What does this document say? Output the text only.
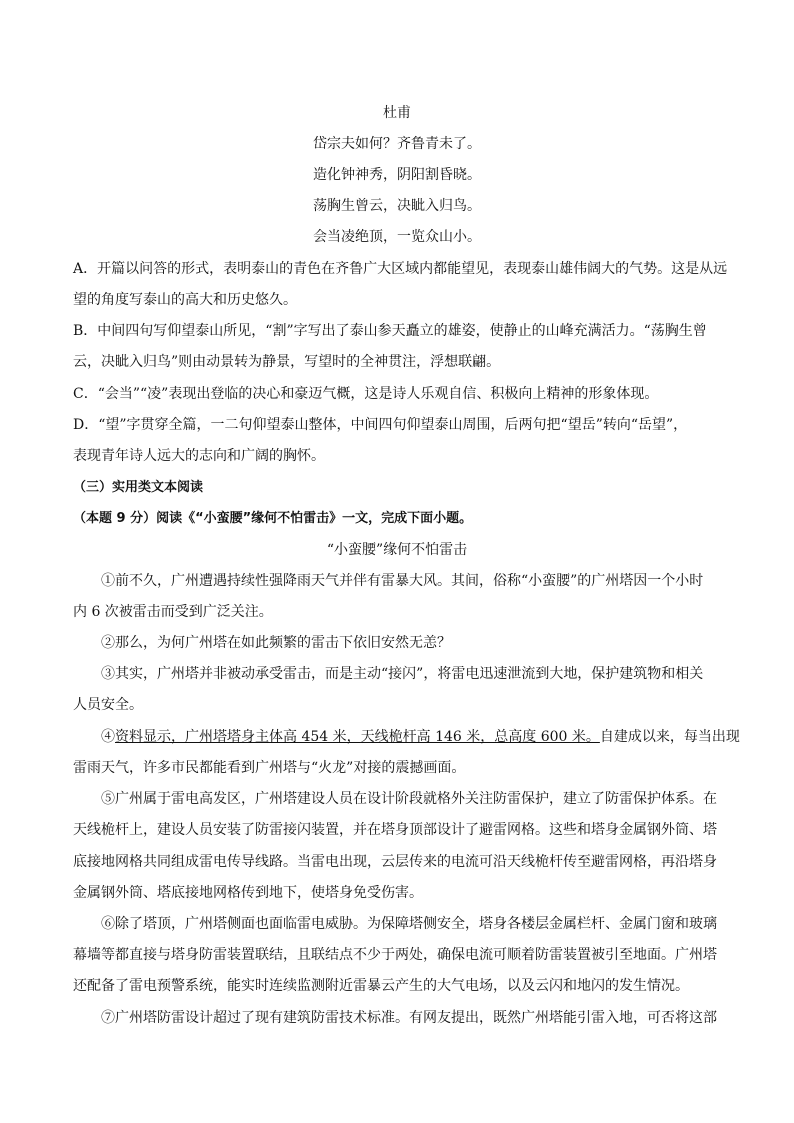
杜甫
岱宗夫如何？齐鲁青未了。
造化钟神秀，阴阳割昏晓。
荡胸生曾云，决眦入归鸟。
会当凌绝顶，一览众山小。
A．开篇以问答的形式，表明泰山的青色在齐鲁广大区域内都能望见，表现泰山雄伟阔大的气势。这是从远
望的角度写泰山的高大和历史悠久。
B．中间四句写仰望泰山所见，“割”字写出了泰山参天矗立的雄姿，使静止的山峰充满活力。“荡胸生曾
云，决眦入归鸟”则由动景转为静景，写望时的全神贯注，浮想联翩。
C．“会当”“凌”表现出登临的决心和豪迈气概，这是诗人乐观自信、积极向上精神的形象体现。
D．“望”字贯穿全篇，一二句仰望泰山整体，中间四句仰望泰山周围，后两句把“望岳”转向“岳望”，
表现青年诗人远大的志向和广阔的胸怀。
（三）实用类文本阅读
（本题 9 分）阅读《“小蛮腰”缘何不怕雷击》一文，完成下面小题。
“小蛮腰”缘何不怕雷击
①前不久，广州遭遇持续性强降雨天气并伴有雷暴大风。其间，俗称“小蛮腰”的广州塔因一个小时
内 6 次被雷击而受到广泛关注。
②那么，为何广州塔在如此频繁的雷击下依旧安然无恙？
③其实，广州塔并非被动承受雷击，而是主动“接闪”，将雷电迅速泄流到大地，保护建筑物和相关
人员安全。
④资料显示，广州塔塔身主体高 454 米，天线桅杆高 146 米，总高度 600 米。自建成以来，每当出现
雷雨天气，许多市民都能看到广州塔与“火龙”对接的震撼画面。
⑤广州属于雷电高发区，广州塔建设人员在设计阶段就格外关注防雷保护，建立了防雷保护体系。在
天线桅杆上，建设人员安装了防雷接闪装置，并在塔身顶部设计了避雷网格。这些和塔身金属钢外筒、塔
底接地网格共同组成雷电传导线路。当雷电出现，云层传来的电流可沿天线桅杆传至避雷网格，再沿塔身
金属钢外筒、塔底接地网格传到地下，使塔身免受伤害。
⑥除了塔顶，广州塔侧面也面临雷电威胁。为保障塔侧安全，塔身各楼层金属栏杆、金属门窗和玻璃
幕墙等都直接与塔身防雷装置联结，且联结点不少于两处，确保电流可顺着防雷装置被引至地面。广州塔
还配备了雷电预警系统，能实时连续监测附近雷暴云产生的大气电场，以及云闪和地闪的发生情况。
⑦广州塔防雷设计超过了现有建筑防雷技术标准。有网友提出，既然广州塔能引雷入地，可否将这部
